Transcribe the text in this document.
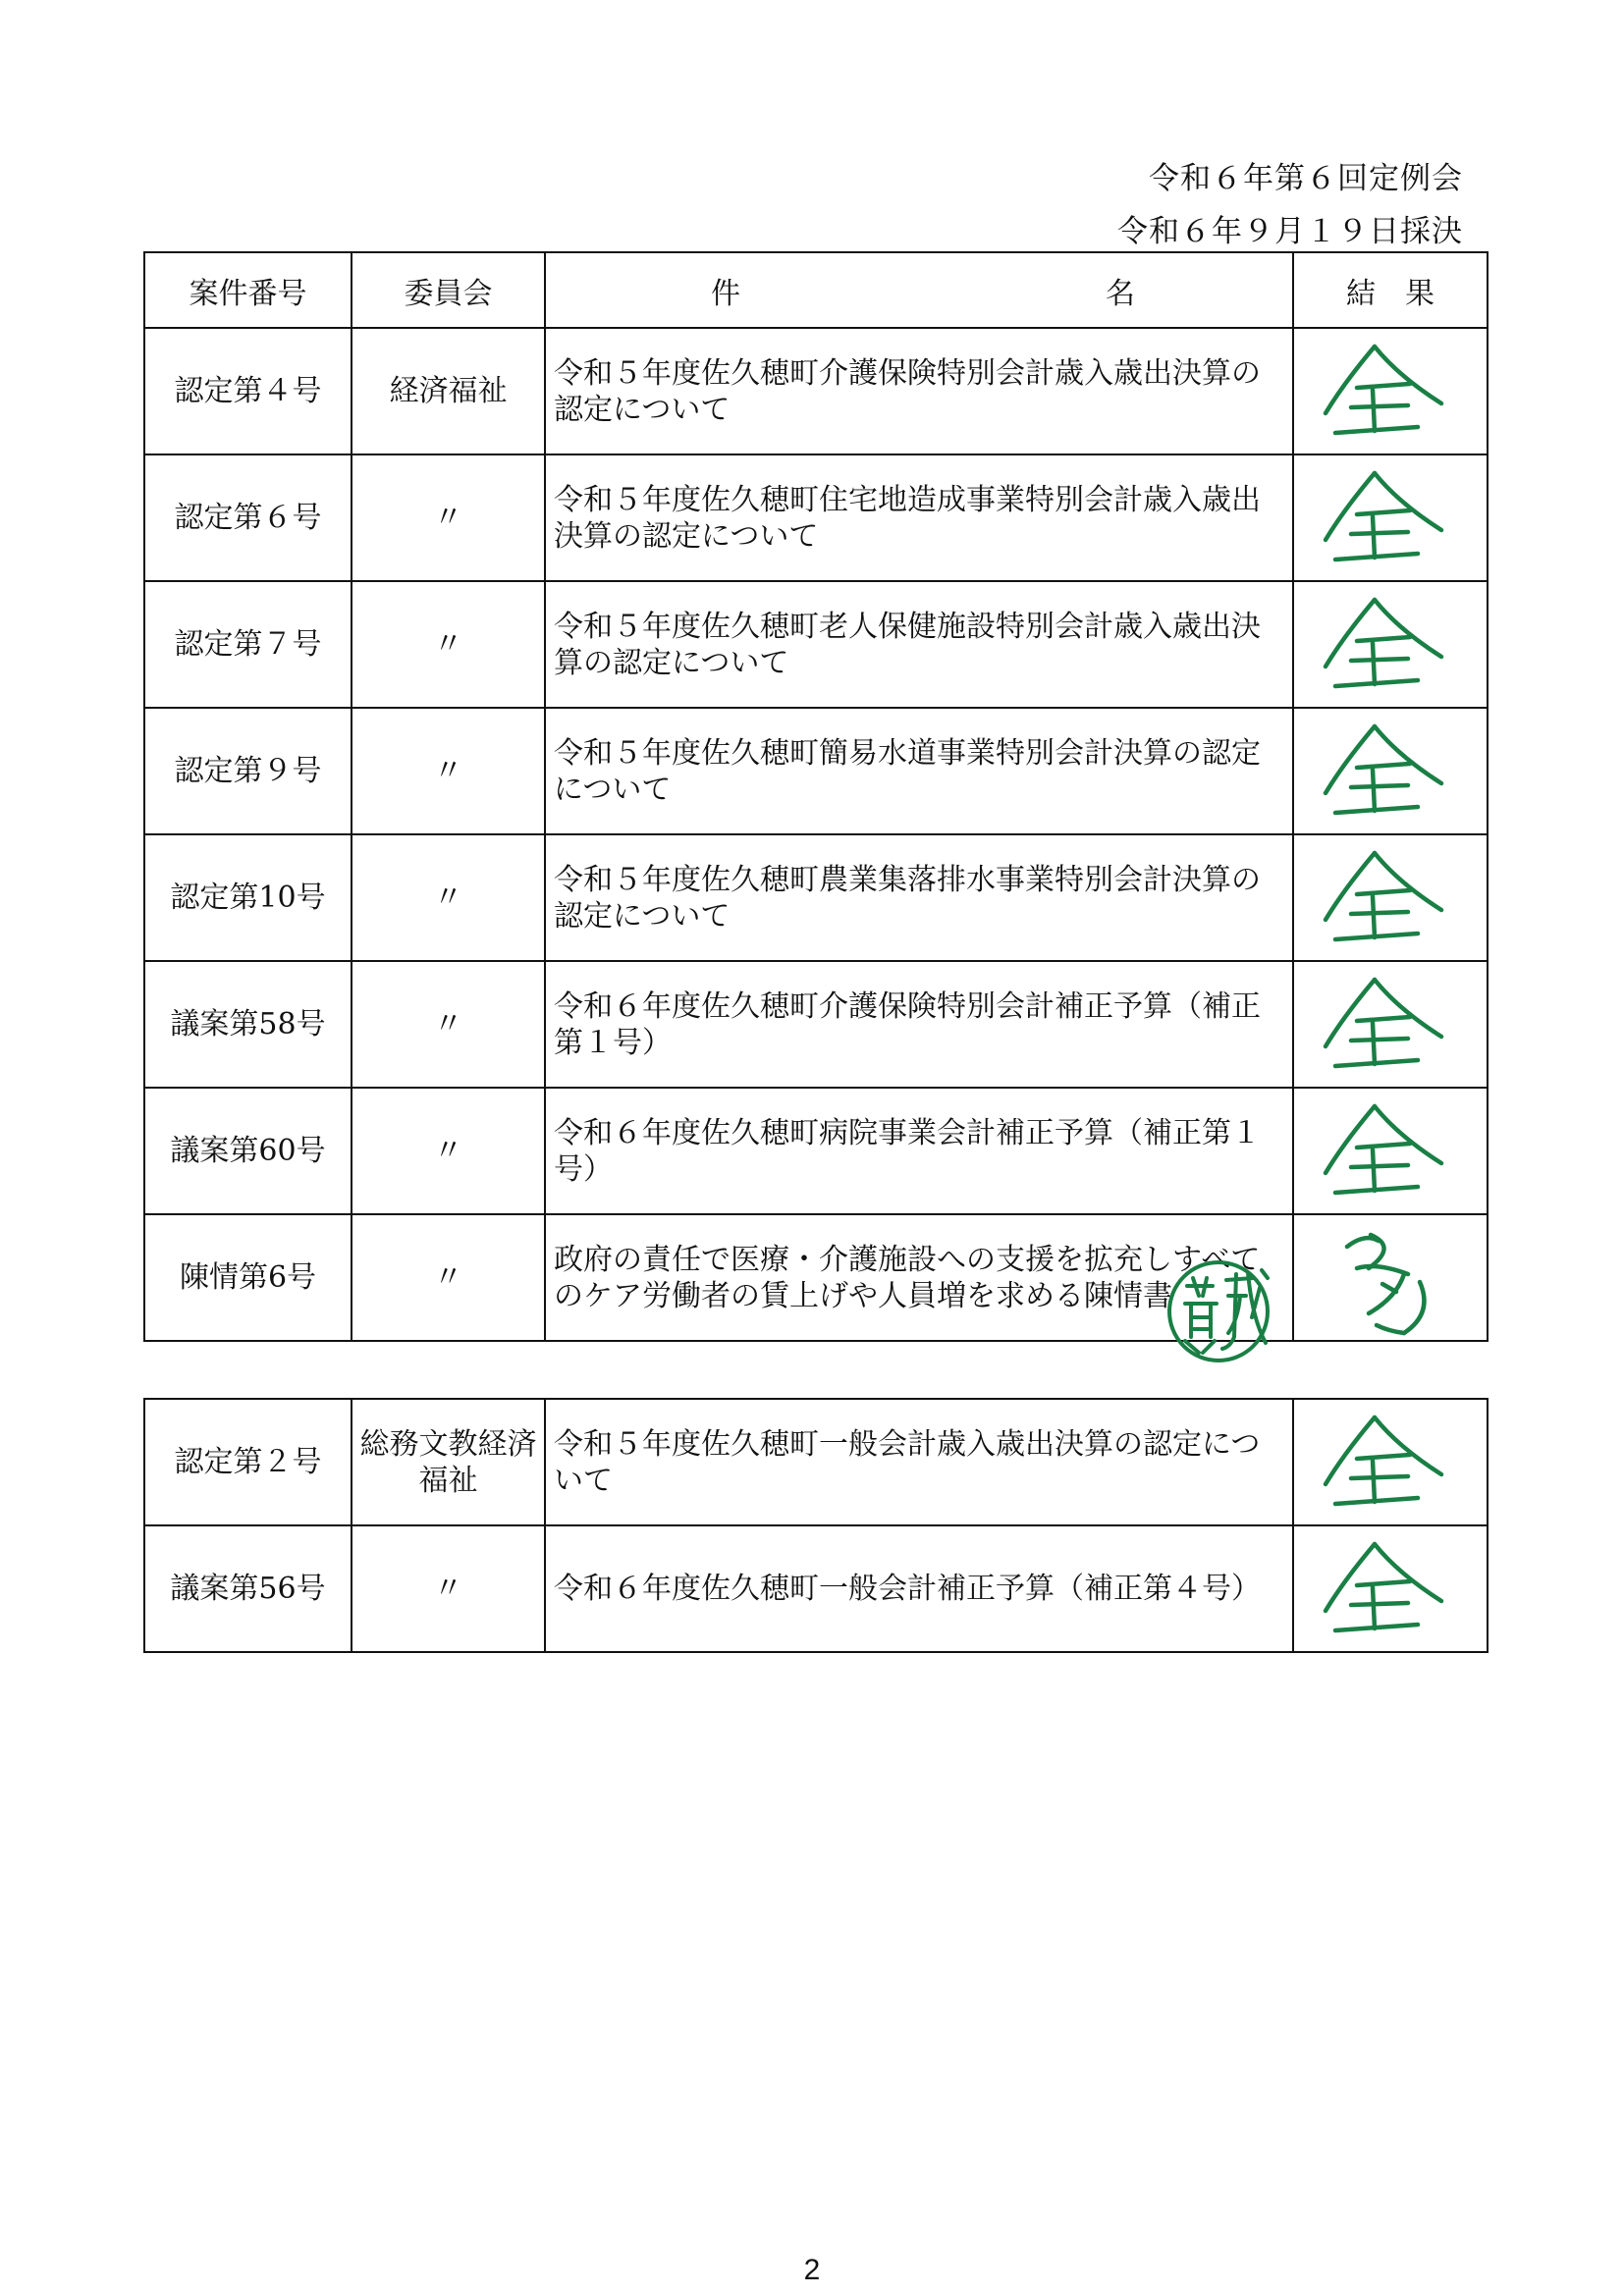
令和６年第６回定例会
令和６年９月１９日採決
案件番号	委員会	件 名	結　果
認定第４号	経済福祉	令和５年度佐久穂町介護保険特別会計歳入歳出決算の認定について	

認定第６号	〃	令和５年度佐久穂町住宅地造成事業特別会計歳入歳出決算の認定について	

認定第７号	〃	令和５年度佐久穂町老人保健施設特別会計歳入歳出決算の認定について	

認定第９号	〃	令和５年度佐久穂町簡易水道事業特別会計決算の認定について	

認定第10号	〃	令和５年度佐久穂町農業集落排水事業特別会計決算の認定について	

議案第58号	〃	令和６年度佐久穂町介護保険特別会計補正予算（補正第１号）	

議案第60号	〃	令和６年度佐久穂町病院事業会計補正予算（補正第１号）	

陳情第6号	〃	政府の責任で医療・介護施設への支援を拡充しすべてのケア労働者の賃上げや人員増を求める陳情書	
認定第２号	総務文教経済福祉	令和５年度佐久穂町一般会計歳入歳出決算の認定について	

議案第56号	〃	令和６年度佐久穂町一般会計補正予算（補正第４号）	
2
